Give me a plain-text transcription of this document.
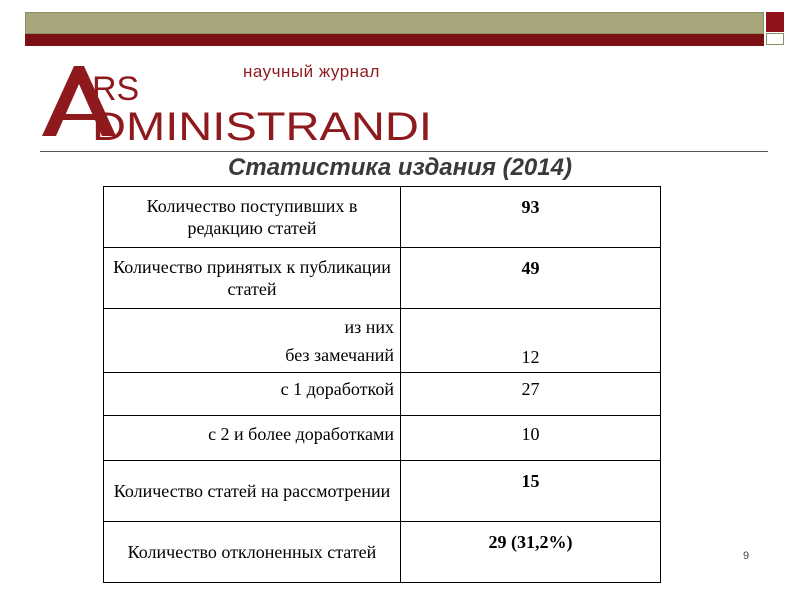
RS
DMINISTRANDI
научный журнал
Статистика издания (2014)
Количество поступивших в редакцию статей	93
Количество принятых к публикации статей	49

из них
без замечаний	12
с 1 доработкой	27
с 2 и более доработками	10
Количество статей на рассмотрении	15
Количество отклоненных статей	29 (31,2%)
9
